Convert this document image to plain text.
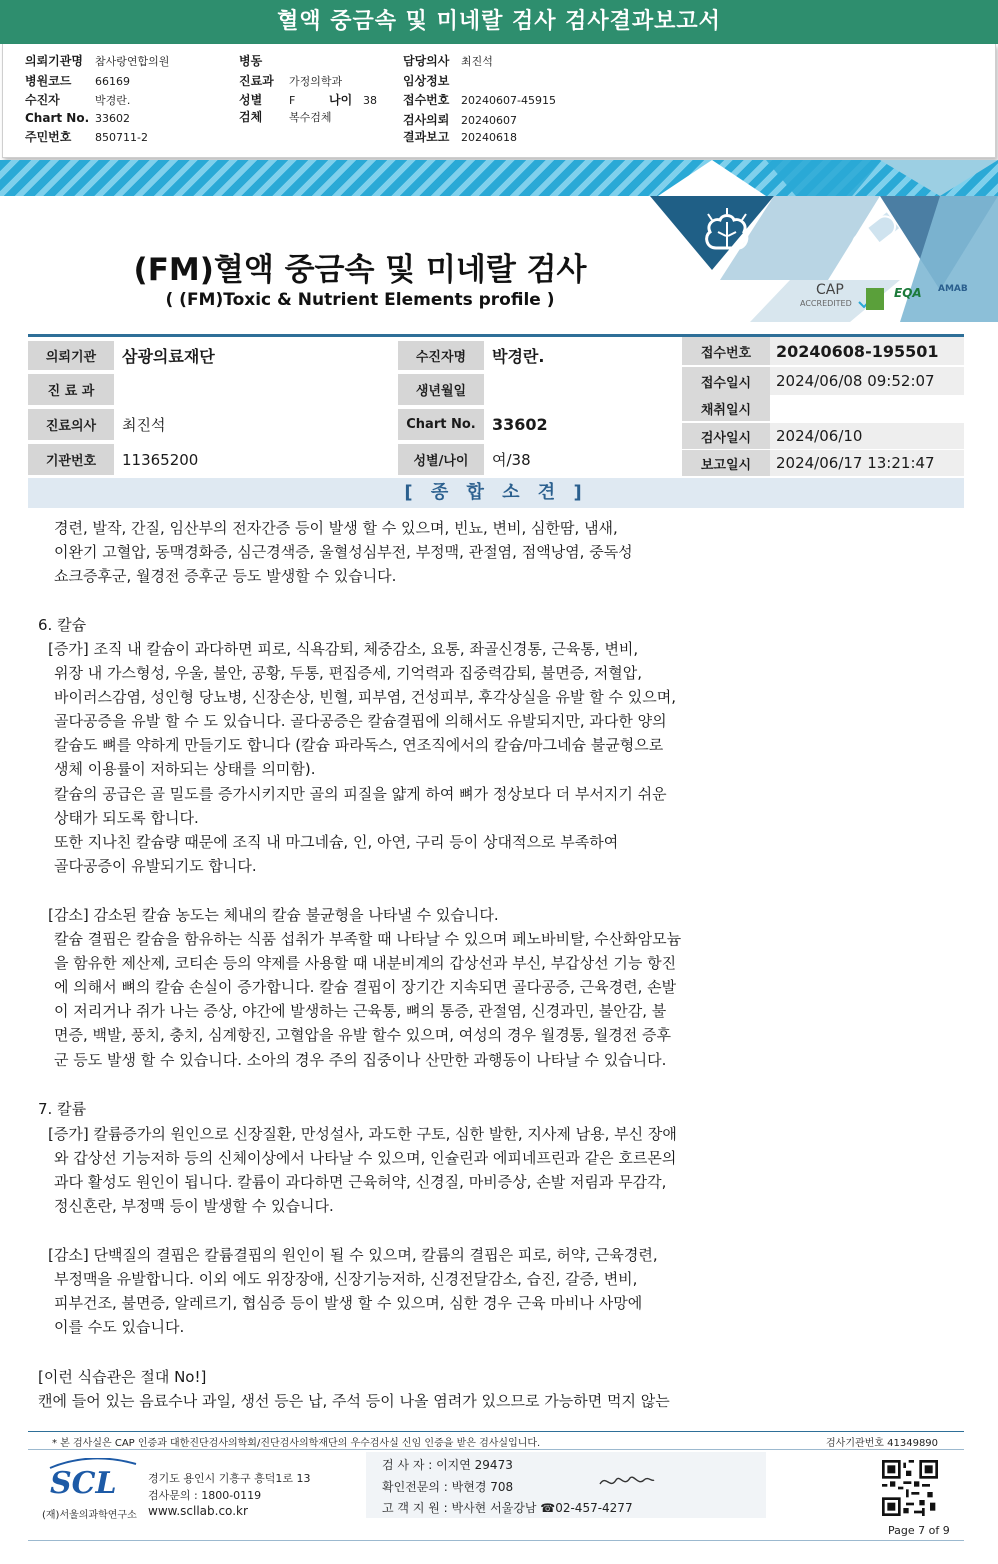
혈액 중금속 및 미네랄 검사 검사결과보고서
의뢰기관명 참사랑연합의원
병원코드 66169
수진자	박경란.
Chart No. 33602
주민번호 850711-2
병동
진료과 가정의학과
성별 F	나이 38
검체 복수검체
담당의사 최진석
임상정보
접수번호 20240607-45915
검사의뢰 20240607
결과보고 20240618
(FM)혈액 중금속 및 미네랄 검사
( (FM)Toxic & Nutrient Elements profile )	CAP
ACCREDITED
EQA AMAB
의뢰기관	삼광의료재단	수진자명	박경란.
진 료 과	생년월일
진료의사	최진석	Chart No.	33602
기관번호	11365200	성별/나이	여/38
접수번호	20240608-195501
접수일시	2024/06/08 09:52:07
채취일시
검사일시	2024/06/10
보고일시	2024/06/17 13:21:47
[ 종 합 소 견 ]
경련, 발작, 간질, 임산부의 전자간증 등이 발생 할 수 있으며, 빈뇨, 변비, 심한땀, 냄새,
이완기 고혈압, 동맥경화증, 심근경색증, 울혈성심부전, 부정맥, 관절염, 점액낭염, 중독성
쇼크증후군, 월경전 증후군 등도 발생할 수 있습니다.
6. 칼슘
[증가] 조직 내 칼슘이 과다하면 피로, 식욕감퇴, 체중감소, 요통, 좌골신경통, 근육통, 변비,
위장 내 가스형성, 우울, 불안, 공황, 두통, 편집증세, 기억력과 집중력감퇴, 불면증, 저혈압,
바이러스감염, 성인형 당뇨병, 신장손상, 빈혈, 피부염, 건성피부, 후각상실을 유발 할 수 있으며,
골다공증을 유발 할 수 도 있습니다. 골다공증은 칼슘결핍에 의해서도 유발되지만, 과다한 양의
칼슘도 뼈를 약하게 만들기도 합니다 (칼슘 파라독스, 연조직에서의 칼슘/마그네슘 불균형으로
생체 이용률이 저하되는 상태를 의미함).
칼슘의 공급은 골 밀도를 증가시키지만 골의 피질을 얇게 하여 뼈가 정상보다 더 부서지기 쉬운
상태가 되도록 합니다.
또한 지나친 칼슘량 때문에 조직 내 마그네슘, 인, 아연, 구리 등이 상대적으로 부족하여
골다공증이 유발되기도 합니다.
[감소] 감소된 칼슘 농도는 체내의 칼슘 불균형을 나타낼 수 있습니다.
칼슘 결핍은 칼슘을 함유하는 식품 섭취가 부족할 때 나타날 수 있으며 페노바비탈, 수산화암모늄
을 함유한 제산제, 코티손 등의 약제를 사용할 때 내분비계의 갑상선과 부신, 부갑상선 기능 항진
에 의해서 뼈의 칼슘 손실이 증가합니다. 칼슘 결핍이 장기간 지속되면 골다공증, 근육경련, 손발
이 저리거나 쥐가 나는 증상, 야간에 발생하는 근육통, 뼈의 통증, 관절염, 신경과민, 불안감, 불
면증, 백발, 풍치, 충치, 심계항진, 고혈압을 유발 할수 있으며, 여성의 경우 월경통, 월경전 증후
군 등도 발생 할 수 있습니다. 소아의 경우 주의 집중이나 산만한 과행동이 나타날 수 있습니다.
7. 칼륨
[증가] 칼륨증가의 원인으로 신장질환, 만성설사, 과도한 구토, 심한 발한, 지사제 남용, 부신 장애
와 갑상선 기능저하 등의 신체이상에서 나타날 수 있으며, 인슐린과 에피네프린과 같은 호르몬의
과다 활성도 원인이 됩니다. 칼륨이 과다하면 근육허약, 신경질, 마비증상, 손발 저림과 무감각,
정신혼란, 부정맥 등이 발생할 수 있습니다.
[감소] 단백질의 결핍은 칼륨결핍의 원인이 될 수 있으며, 칼륨의 결핍은 피로, 허약, 근육경련,
부정맥을 유발합니다. 이외 에도 위장장애, 신장기능저하, 신경전달감소, 습진, 갈증, 변비,
피부건조, 불면증, 알레르기, 협심증 등이 발생 할 수 있으며, 심한 경우 근육 마비나 사망에
이를 수도 있습니다.
[이런 식습관은 절대 No!]
캔에 들어 있는 음료수나 과일, 생선 등은 납, 주석 등이 나올 염려가 있으므로 가능하면 먹지 않는
* 본 검사실은 CAP 인증과 대한진단검사의학회/진단검사의학재단의 우수검사실 신임 인증을 받은 검사실입니다.	검사기관번호 41349890
SCL
(재)서울의과학연구소
경기도 용인시 기흥구 흥덕1로 13
검사문의 : 1800-0119
www.scllab.co.kr
검 사 자 : 이지연 29473
확인전문의 : 박현경 708
고 객 지 원 : 박사현 서울강남 ☎02-457-4277
Page 7 of 9
